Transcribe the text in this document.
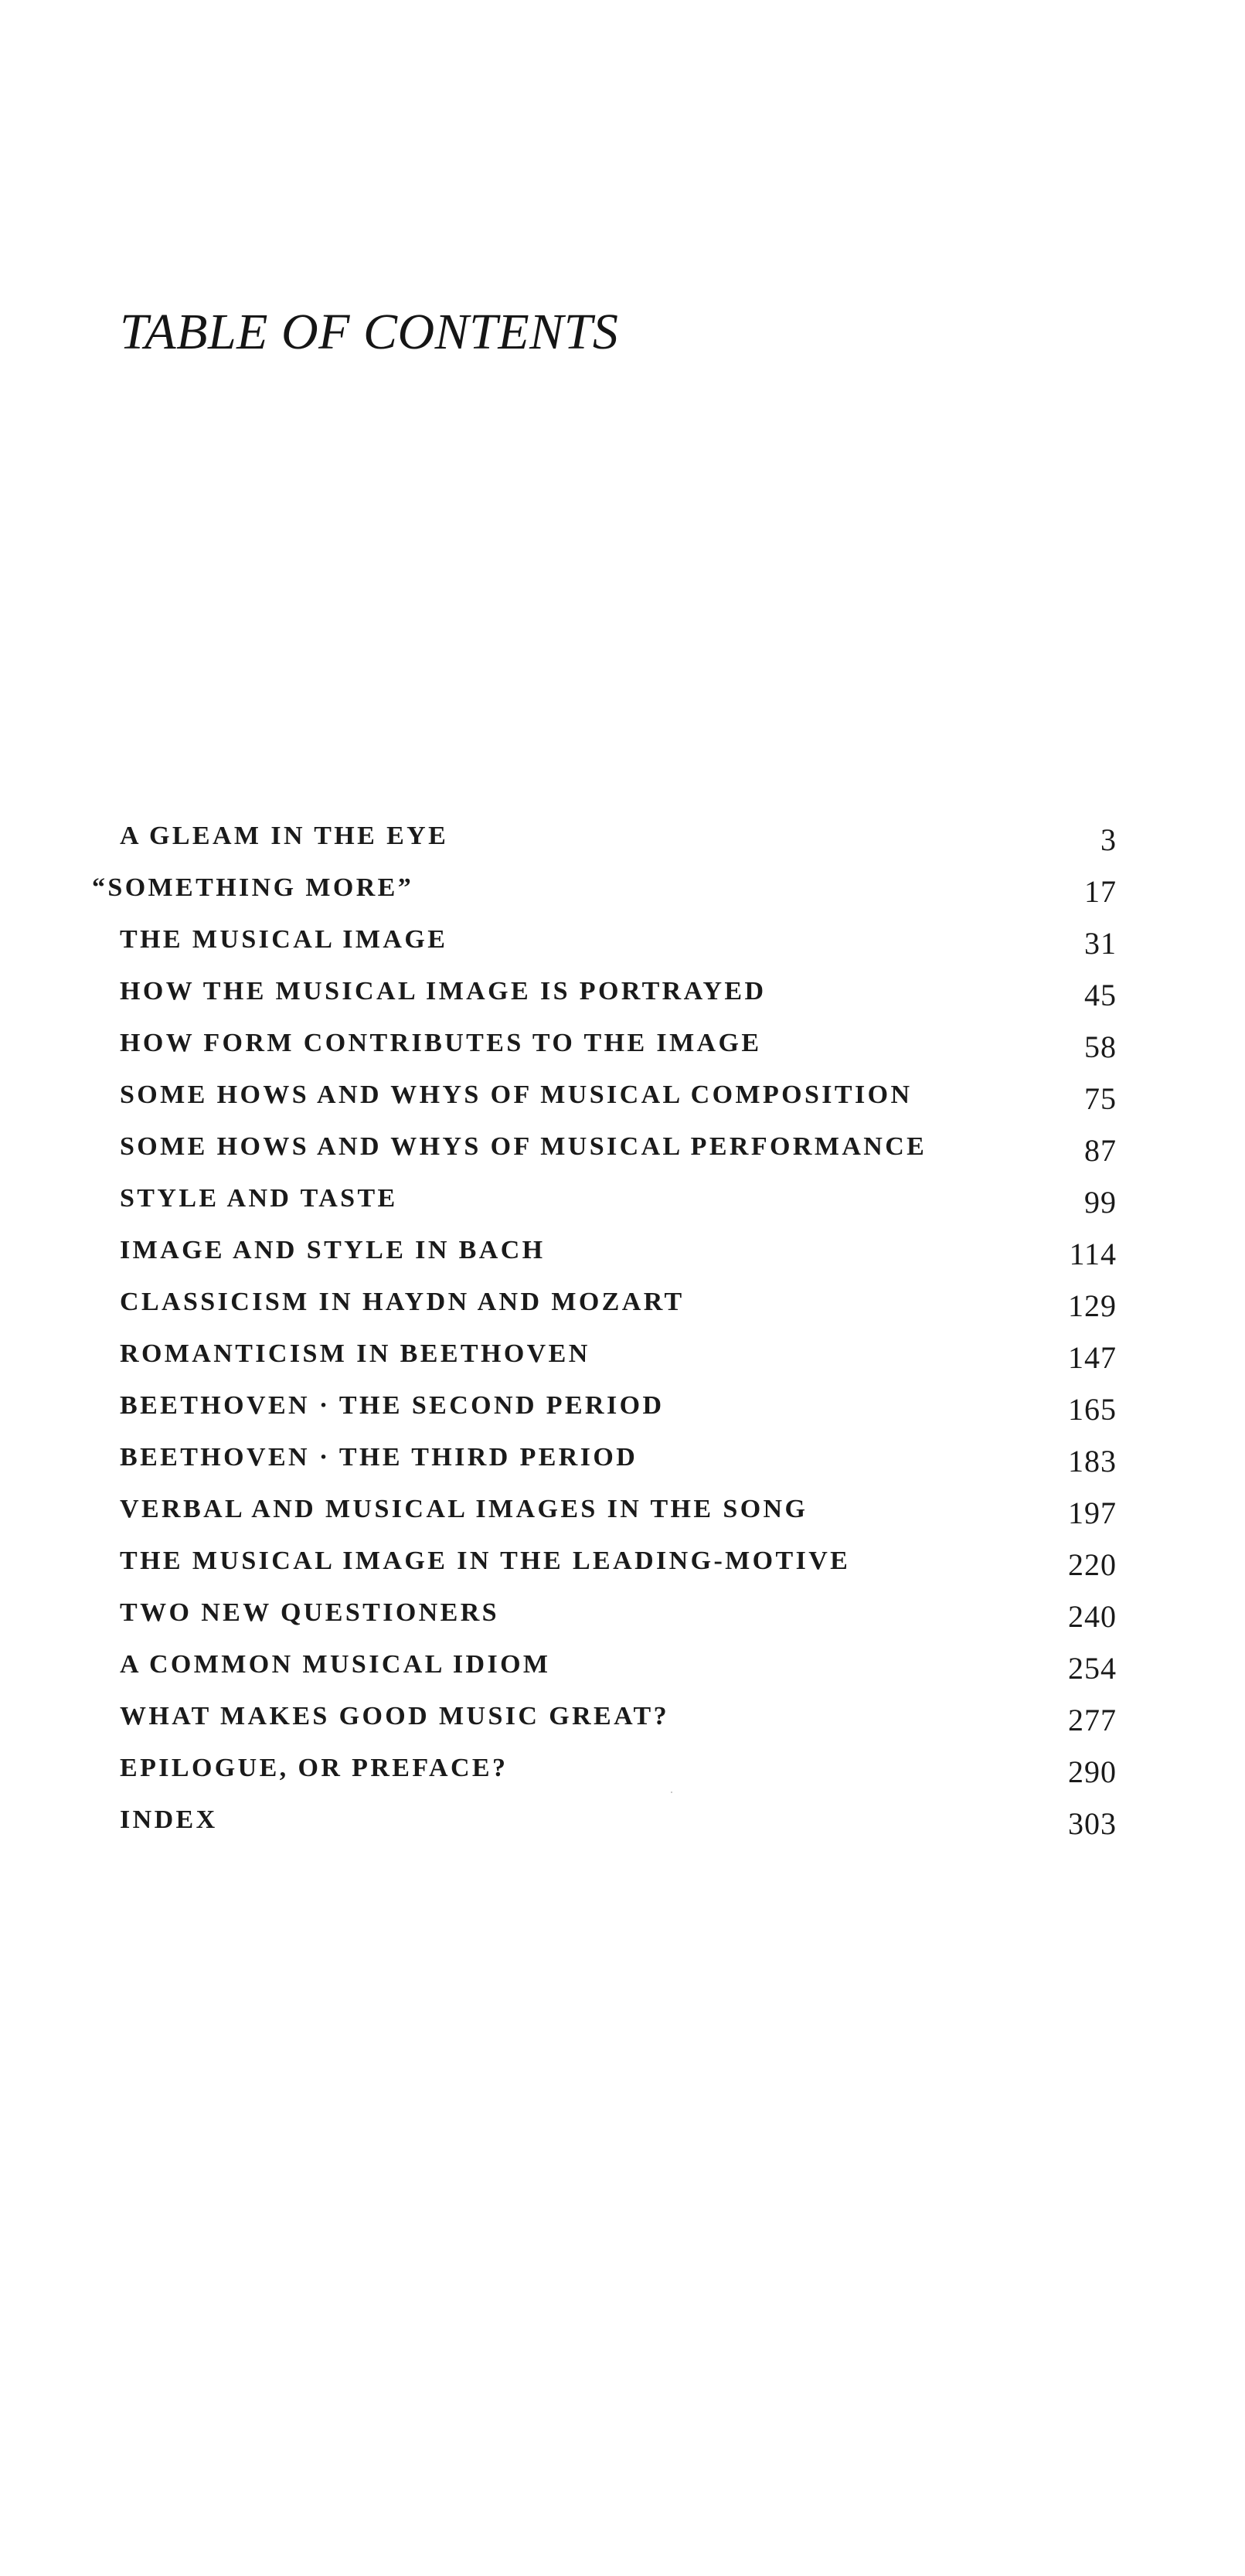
TABLE OF CONTENTS
A GLEAM IN THE EYE	3
“SOMETHING MORE”	17
THE MUSICAL IMAGE	31
HOW THE MUSICAL IMAGE IS PORTRAYED	45
HOW FORM CONTRIBUTES TO THE IMAGE	58
SOME HOWS AND WHYS OF MUSICAL COMPOSITION	75
SOME HOWS AND WHYS OF MUSICAL PERFORMANCE	87
STYLE AND TASTE	99
IMAGE AND STYLE IN BACH	114
CLASSICISM IN HAYDN AND MOZART	129
ROMANTICISM IN BEETHOVEN	147
BEETHOVEN · THE SECOND PERIOD	165
BEETHOVEN · THE THIRD PERIOD	183
VERBAL AND MUSICAL IMAGES IN THE SONG	197
THE MUSICAL IMAGE IN THE LEADING-MOTIVE	220
TWO NEW QUESTIONERS	240
A COMMON MUSICAL IDIOM	254
WHAT MAKES GOOD MUSIC GREAT?	277
EPILOGUE, OR PREFACE?	290
INDEX	303
